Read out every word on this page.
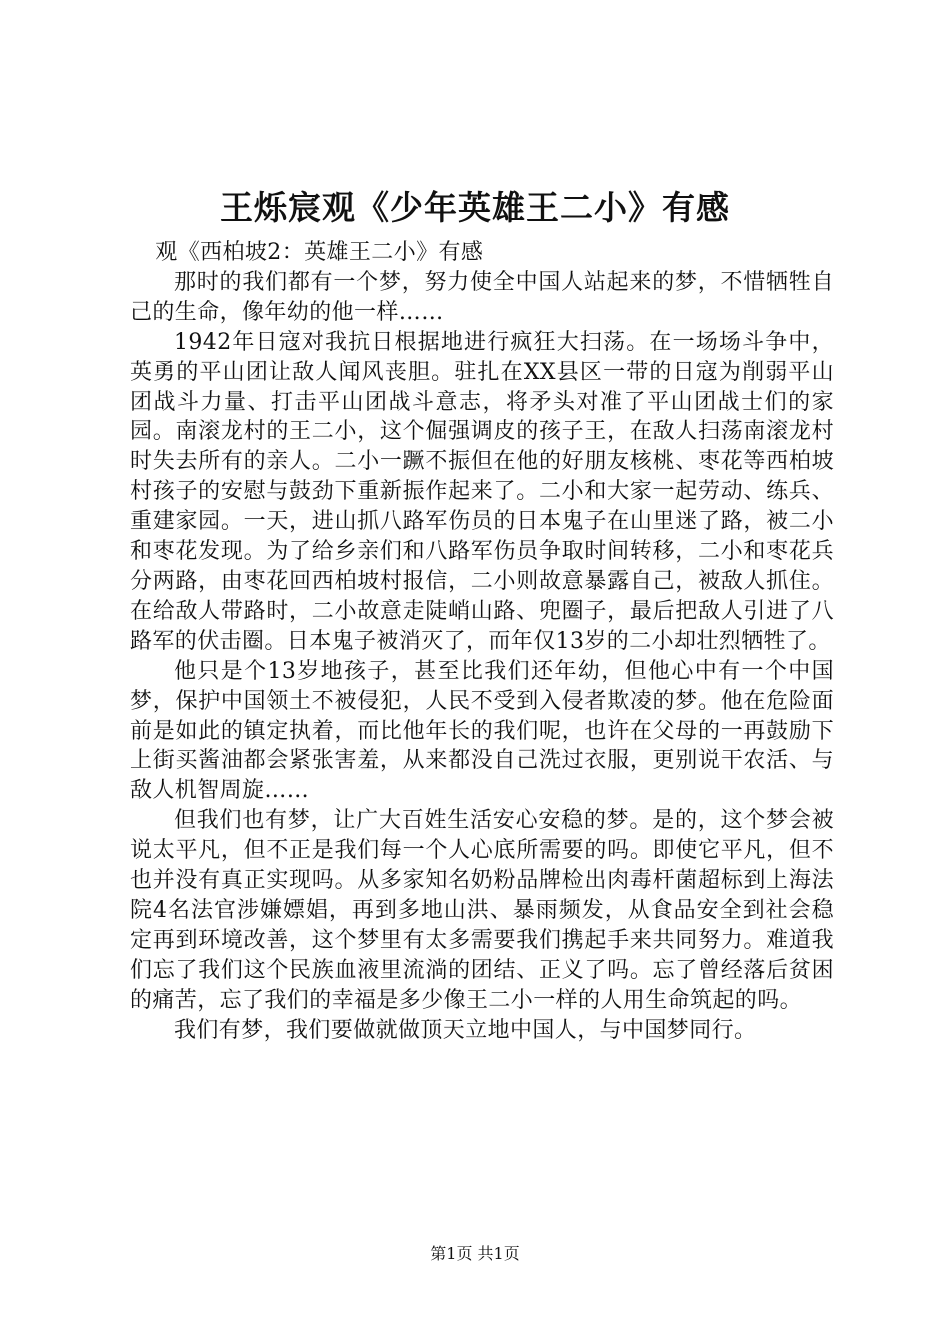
王烁宸观《少年英雄王二小》有感

观《西柏坡2：英雄王二小》有感

那时的我们都有一个梦，努力使全中国人站起来的梦，不惜牺牲自己的生命，像年幼的他一样……

1942年日寇对我抗日根据地进行疯狂大扫荡。在一场场斗争中，英勇的平山团让敌人闻风丧胆。驻扎在XX县区一带的日寇为削弱平山团战斗力量、打击平山团战斗意志，将矛头对准了平山团战士们的家园。南滚龙村的王二小，这个倔强调皮的孩子王，在敌人扫荡南滚龙村时失去所有的亲人。二小一蹶不振但在他的好朋友核桃、枣花等西柏坡村孩子的安慰与鼓劲下重新振作起来了。二小和大家一起劳动、练兵、重建家园。一天，进山抓八路军伤员的日本鬼子在山里迷了路，被二小和枣花发现。为了给乡亲们和八路军伤员争取时间转移，二小和枣花兵分两路，由枣花回西柏坡村报信，二小则故意暴露自己，被敌人抓住。在给敌人带路时，二小故意走陡峭山路、兜圈子，最后把敌人引进了八路军的伏击圈。日本鬼子被消灭了，而年仅13岁的二小却壮烈牺牲了。

他只是个13岁地孩子，甚至比我们还年幼，但他心中有一个中国梦，保护中国领土不被侵犯，人民不受到入侵者欺凌的梦。他在危险面前是如此的镇定执着，而比他年长的我们呢，也许在父母的一再鼓励下上街买酱油都会紧张害羞，从来都没自己洗过衣服，更别说干农活、与敌人机智周旋……

但我们也有梦，让广大百姓生活安心安稳的梦。是的，这个梦会被说太平凡，但不正是我们每一个人心底所需要的吗。即使它平凡，但不也并没有真正实现吗。从多家知名奶粉品牌检出肉毒杆菌超标到上海法院4名法官涉嫌嫖娼，再到多地山洪、暴雨频发，从食品安全到社会稳定再到环境改善，这个梦里有太多需要我们携起手来共同努力。难道我们忘了我们这个民族血液里流淌的团结、正义了吗。忘了曾经落后贫困的痛苦，忘了我们的幸福是多少像王二小一样的人用生命筑起的吗。

我们有梦，我们要做就做顶天立地中国人，与中国梦同行。

第1页 共1页
